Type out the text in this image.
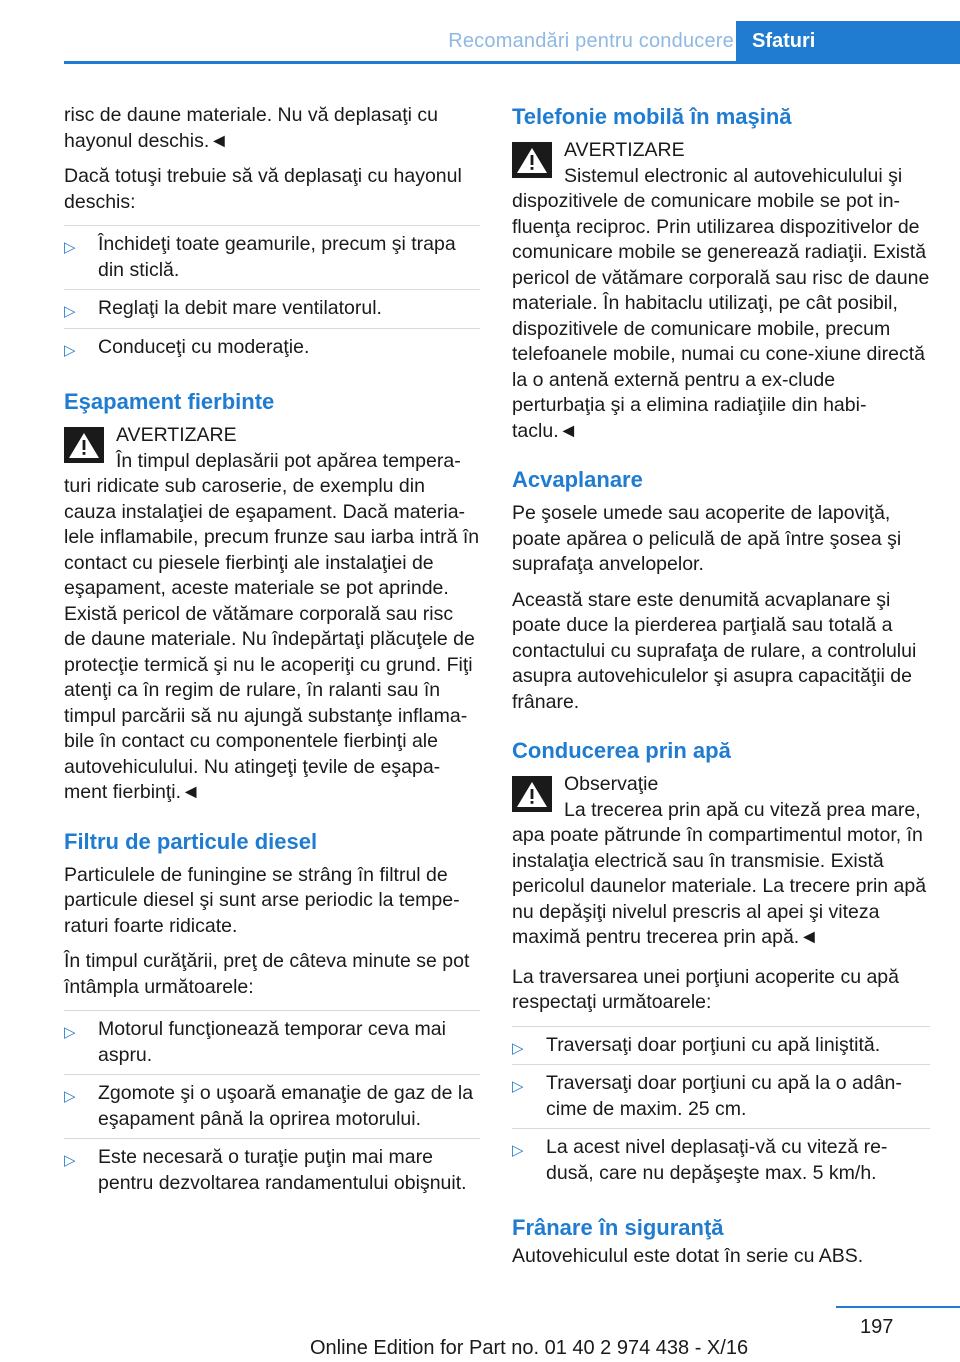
Recomandări pentru conducere Sfaturi

risc de daune materiale. Nu vă deplasaţi cu hayonul deschis.◄

Dacă totuşi trebuie să vă deplasaţi cu hayonul deschis:

▷ Închideţi toate geamurile, precum şi trapa din sticlă.
▷ Reglaţi la debit mare ventilatorul.
▷ Conduceţi cu moderaţie.
Eşapament fierbinte
AVERTIZARE
În timpul deplasării pot apărea tempera‐
turi ridicate sub caroserie, de exemplu din cauza instalaţiei de eşapament. Dacă materia‐lele inflamabile, precum frunze sau iarba intră în contact cu piesele fierbinţi ale instalaţiei de eşapament, aceste materiale se pot aprinde. Există pericol de vătămare corporală sau risc de daune materiale. Nu îndepărtaţi plăcuţele de protecţie termică şi nu le acoperiţi cu grund. Fiţi atenţi ca în regim de rulare, în ralanti sau în timpul parcării să nu ajungă substanţe inflama‐bile în contact cu componentele fierbinţi ale autovehiculului. Nu atingeţi ţevile de eşapa‐ment fierbinţi.◄
Filtru de particule diesel

Particulele de funingine se strâng în filtrul de particule diesel şi sunt arse periodic la tempe‐raturi foarte ridicate.

În timpul curăţării, preţ de câteva minute se pot întâmpla următoarele:

▷ Motorul funcţionează temporar ceva mai aspru.
▷ Zgomote şi o uşoară emanaţie de gaz de la eşapament până la oprirea motorului.
▷ Este necesară o turaţie puţin mai mare pentru dezvoltarea randamentului obişnuit.
Telefonie mobilă în maşină
AVERTIZARE
Sistemul electronic al autovehiculului şi
dispozitivele de comunicare mobile se pot in‐fluenţa reciproc. Prin utilizarea dispozitivelor de comunicare mobile se generează radiaţii. Există pericol de vătămare corporală sau risc de daune materiale. În habitaclu utilizaţi, pe cât posibil, dispozitivele de comunicare mobile, precum telefoanele mobile, numai cu cone‐xiune directă la o antenă externă pentru a ex‐clude perturbaţia şi a elimina radiaţiile din habi‐taclu.◄
Acvaplanare

Pe şosele umede sau acoperite de lapoviţă, poate apărea o peliculă de apă între şosea şi suprafaţa anvelopelor.

Această stare este denumită acvaplanare şi poate duce la pierderea parţială sau totală a contactului cu suprafaţa de rulare, a controlului asupra autovehiculelor şi asupra capacităţii de frânare.

Conducerea prin apă
Observaţie
La trecerea prin apă cu viteză prea mare,
apa poate pătrunde în compartimentul motor, în instalaţia electrică sau în transmisie. Există pericolul daunelor materiale. La trecere prin apă nu depăşiţi nivelul prescris al apei şi viteza maximă pentru trecerea prin apă.◄

La traversarea unei porţiuni acoperite cu apă respectaţi următoarele:

▷ Traversaţi doar porţiuni cu apă liniştită.
▷ Traversaţi doar porţiuni cu apă la o adân‐cime de maxim. 25 cm.
▷ La acest nivel deplasaţi-vă cu viteză re‐dusă, care nu depăşeşte max. 5 km/h.
Frânare în siguranţă

Autovehiculul este dotat în serie cu ABS.

197
Online Edition for Part no. 01 40 2 974 438 - X/16
